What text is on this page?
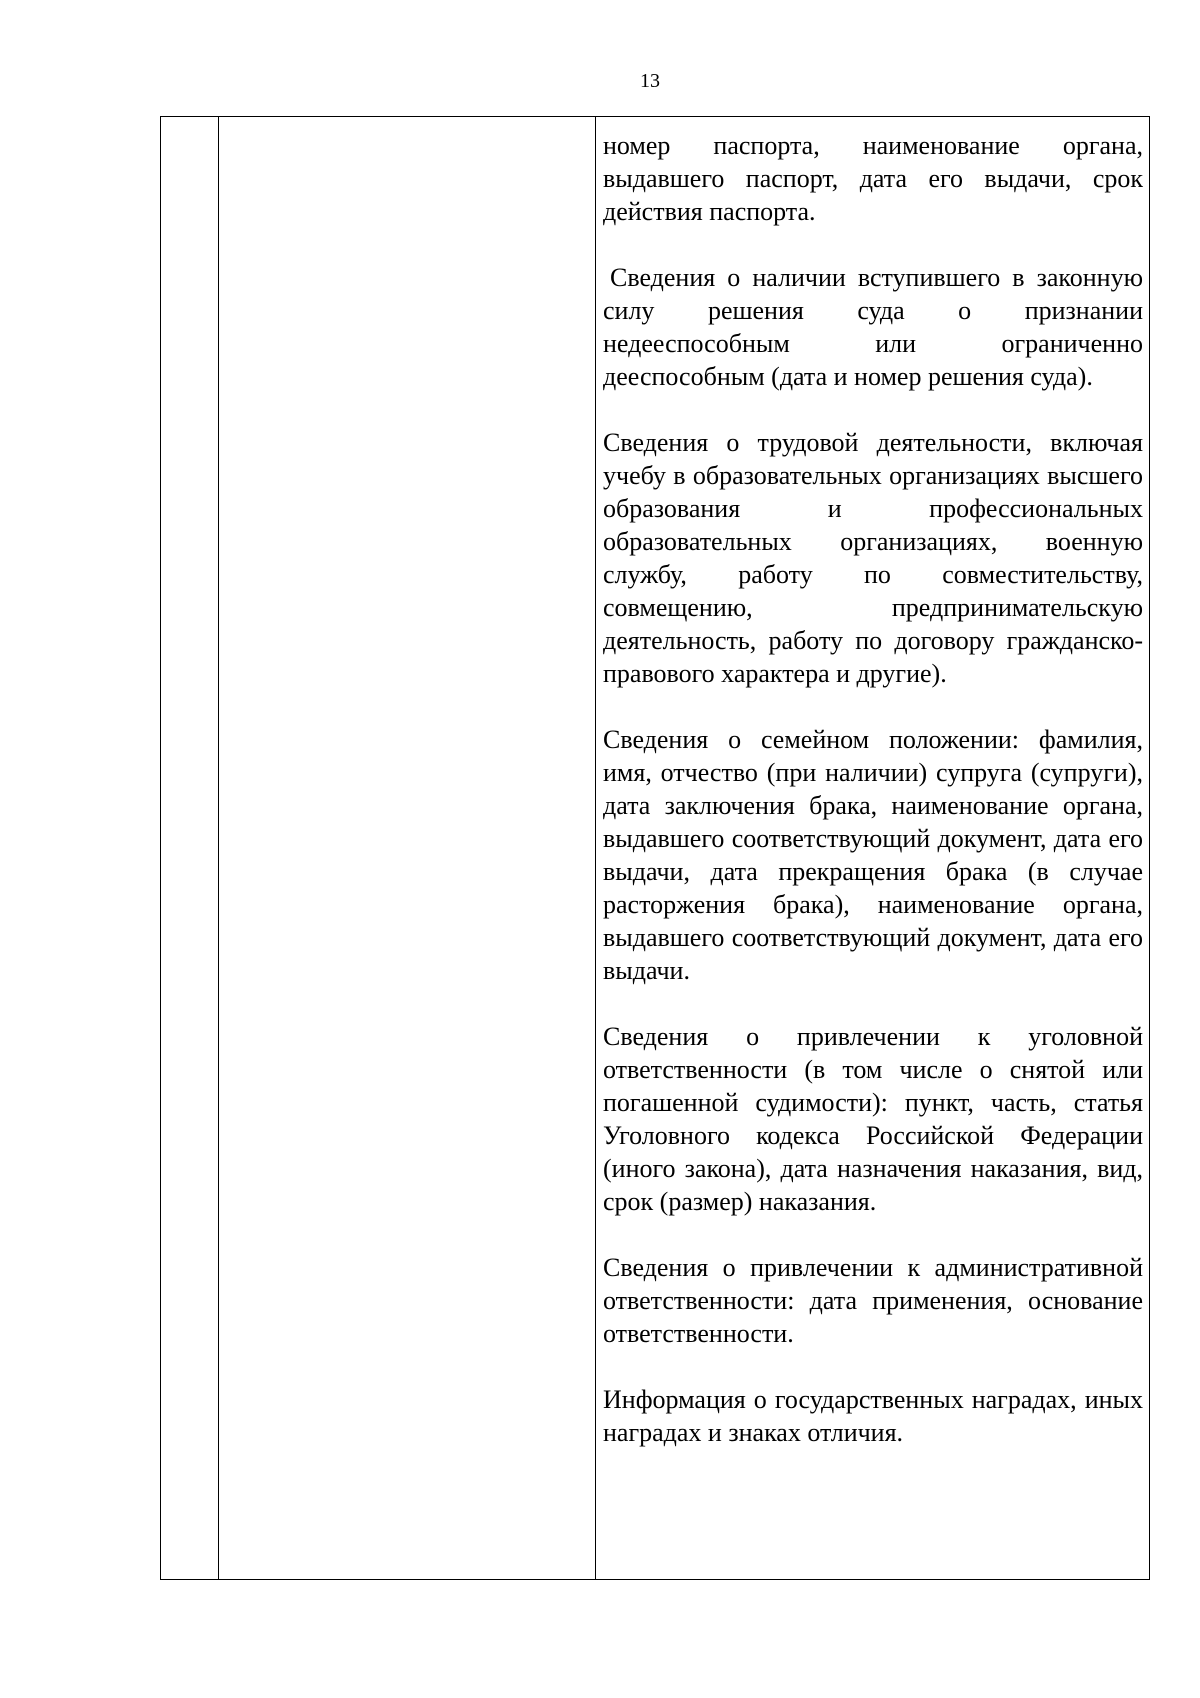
13

номер паспорта, наименование органа, выдавшего паспорт, дата его выдачи, срок действия паспорта.

Сведения о наличии вступившего в законную силу решения суда о признании недееспособным или ограниченно дееспособным (дата и номер решения суда).

Сведения о трудовой деятельности, включая учебу в образовательных организациях высшего образования и профессиональных образовательных организациях, военную службу, работу по совместительству, совмещению, предпринимательскую деятельность, работу по договору гражданско-правового характера и другие).

Сведения о семейном положении: фамилия, имя, отчество (при наличии) супруга (супруги), дата заключения брака, наименование органа, выдавшего соответствующий документ, дата его выдачи, дата прекращения брака (в случае расторжения брака), наименование органа, выдавшего соответствующий документ, дата его выдачи.

Сведения о привлечении к уголовной ответственности (в том числе о снятой или погашенной судимости): пункт, часть, статья Уголовного кодекса Российской Федерации (иного закона), дата назначения наказания, вид, срок (размер) наказания.

Сведения о привлечении к административной ответственности: дата применения, основание ответственности.

Информация о государственных наградах, иных наградах и знаках отличия.
